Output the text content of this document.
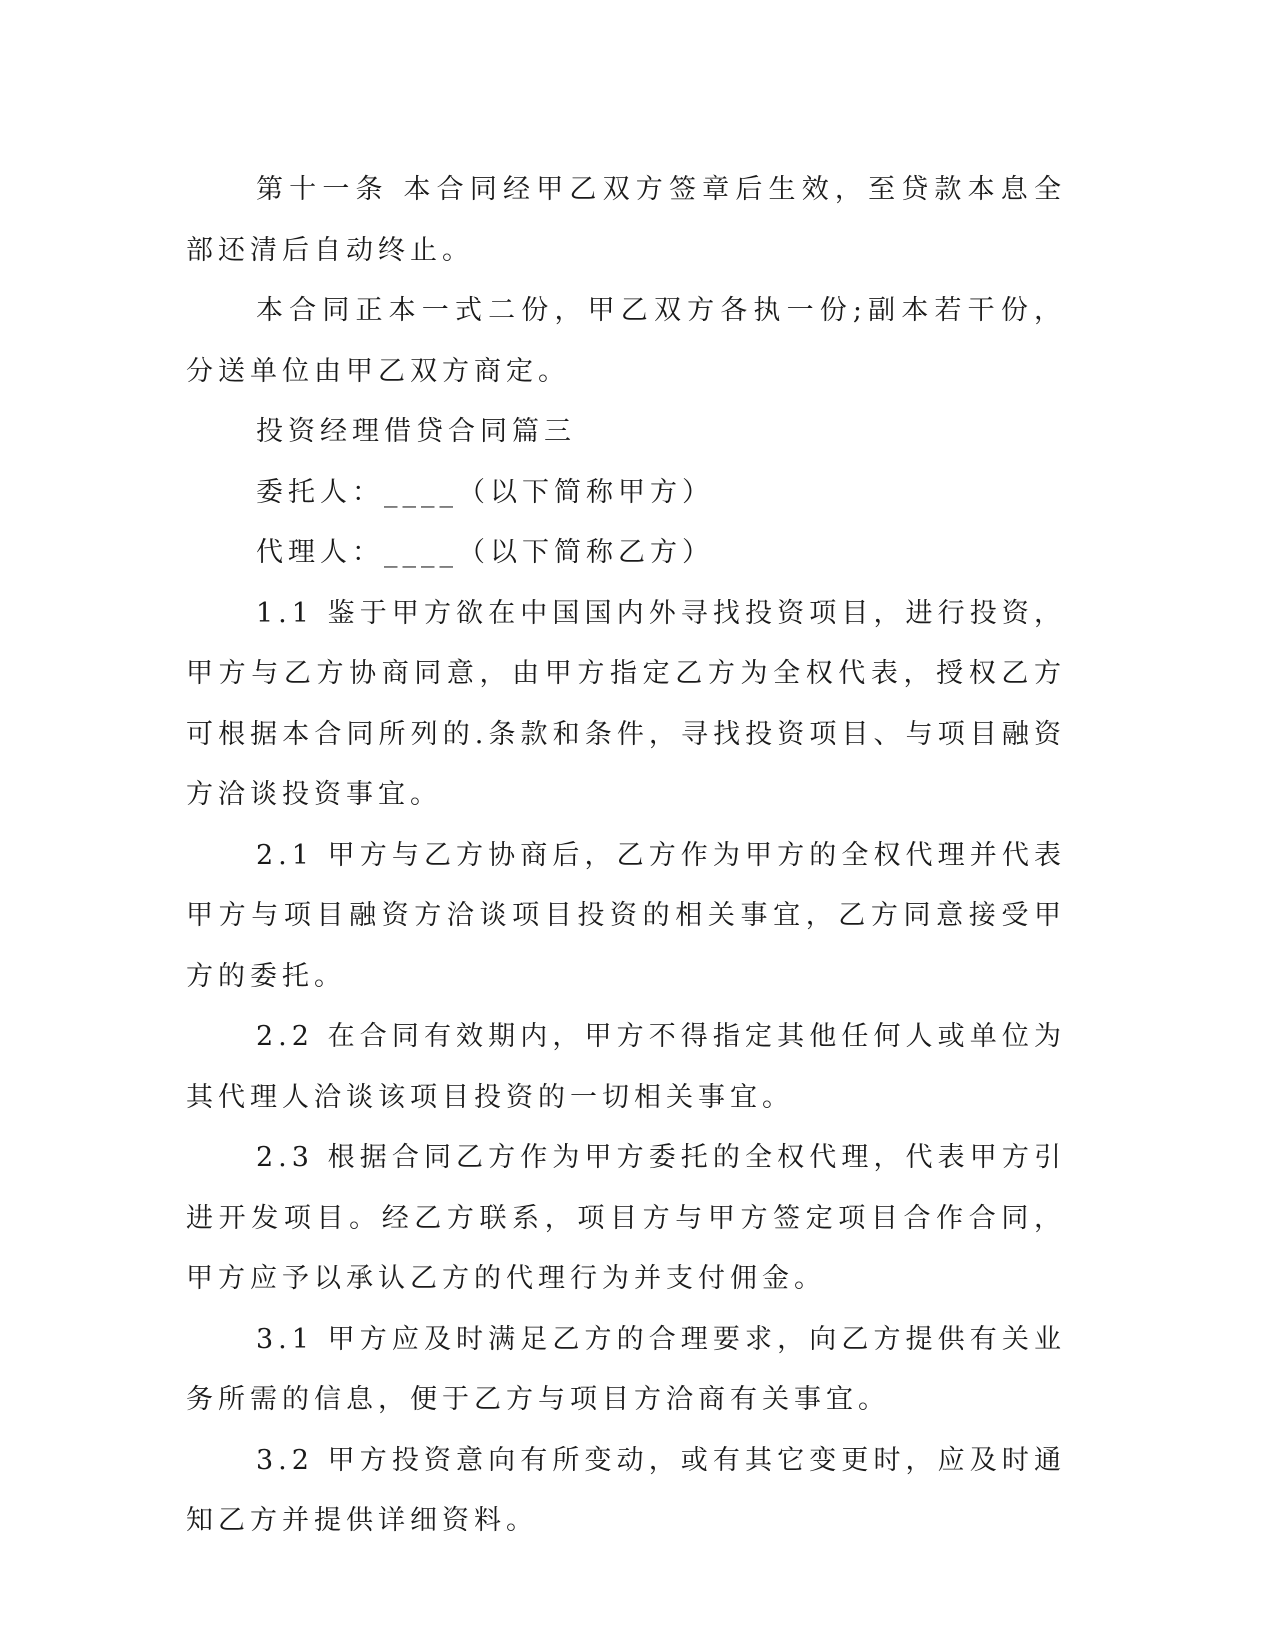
第十一条 本合同经甲乙双方签章后生效，至贷款本息全部还清后自动终止。

本合同正本一式二份，甲乙双方各执一份;副本若干份，分送单位由甲乙双方商定。

投资经理借贷合同篇三

委托人：____（以下简称甲方）

代理人：____（以下简称乙方）

1.1 鉴于甲方欲在中国国内外寻找投资项目，进行投资，甲方与乙方协商同意，由甲方指定乙方为全权代表，授权乙方可根据本合同所列的.条款和条件，寻找投资项目、与项目融资方洽谈投资事宜。

2.1 甲方与乙方协商后，乙方作为甲方的全权代理并代表甲方与项目融资方洽谈项目投资的相关事宜，乙方同意接受甲方的委托。

2.2 在合同有效期内，甲方不得指定其他任何人或单位为其代理人洽谈该项目投资的一切相关事宜。

2.3 根据合同乙方作为甲方委托的全权代理，代表甲方引进开发项目。经乙方联系，项目方与甲方签定项目合作合同，甲方应予以承认乙方的代理行为并支付佣金。

3.1 甲方应及时满足乙方的合理要求，向乙方提供有关业务所需的信息，便于乙方与项目方洽商有关事宜。

3.2 甲方投资意向有所变动，或有其它变更时，应及时通知乙方并提供详细资料。
